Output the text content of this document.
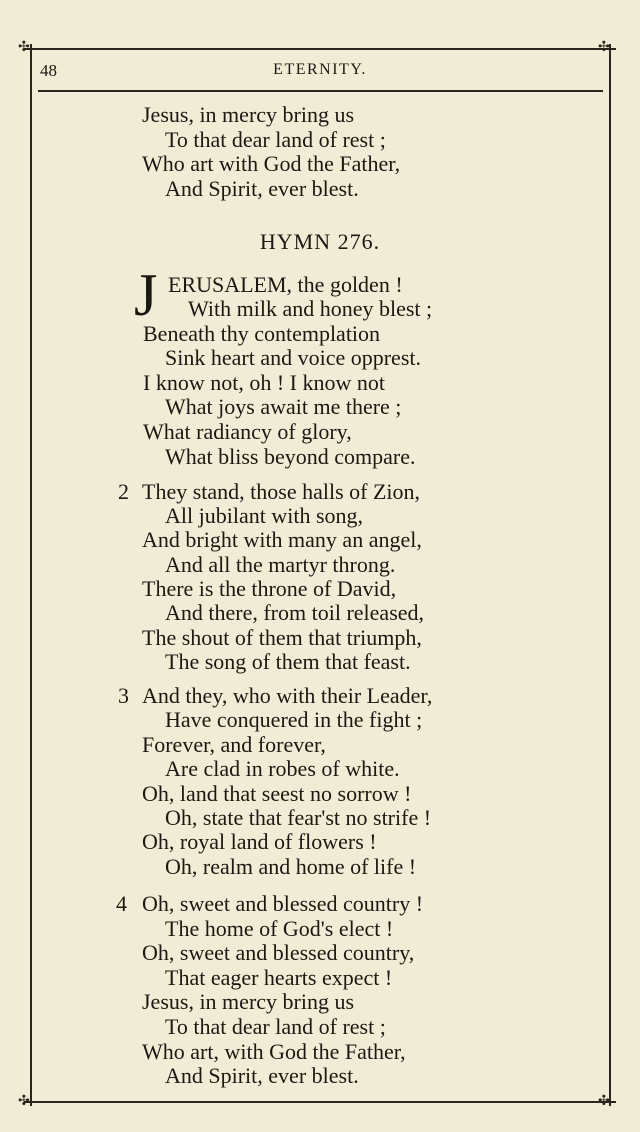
✣	✣
✣	✣
48	ETERNITY.
Jesus, in mercy bring us
To that dear land of rest ;
Who art with God the Father,
And Spirit, ever blest.
HYMN 276.
J ERUSALEM, the golden !
With milk and honey blest ;
Beneath thy contemplation
Sink heart and voice opprest.
I know not, oh ! I know not
What joys await me there ;
What radiancy of glory,
What bliss beyond compare.
2 They stand, those halls of Zion,
All jubilant with song,
And bright with many an angel,
And all the martyr throng.
There is the throne of David,
And there, from toil released,
The shout of them that triumph,
The song of them that feast.
3 And they, who with their Leader,
Have conquered in the fight ;
Forever, and forever,
Are clad in robes of white.
Oh, land that seest no sorrow !
Oh, state that fear'st no strife !
Oh, royal land of flowers !
Oh, realm and home of life !
4 Oh, sweet and blessed country !
The home of God's elect !
Oh, sweet and blessed country,
That eager hearts expect !
Jesus, in mercy bring us
To that dear land of rest ;
Who art, with God the Father,
And Spirit, ever blest.
